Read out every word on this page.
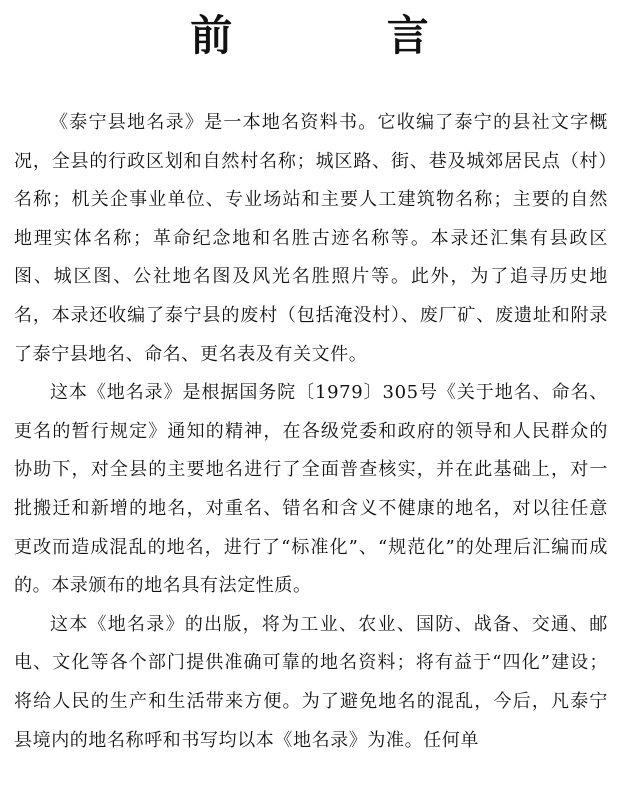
前 言

《泰宁县地名录》是一本地名资料书。它收编了泰宁的县社文字概况，全县的行政区划和自然村名称；城区路、街、巷及城郊居民点（村）名称；机关企事业单位、专业场站和主要人工建筑物名称；主要的自然地理实体名称；革命纪念地和名胜古迹名称等。本录还汇集有县政区图、城区图、公社地名图及风光名胜照片等。此外，为了追寻历史地名，本录还收编了泰宁县的废村（包括淹没村）、废厂矿、废遗址和附录了泰宁县地名、命名、更名表及有关文件。

这本《地名录》是根据国务院〔1979〕305号《关于地名、命名、更名的暂行规定》通知的精神，在各级党委和政府的领导和人民群众的协助下，对全县的主要地名进行了全面普查核实，并在此基础上，对一批搬迁和新增的地名，对重名、错名和含义不健康的地名，对以往任意更改而造成混乱的地名，进行了“标准化”、“规范化”的处理后汇编而成的。本录颁布的地名具有法定性质。

这本《地名录》的出版，将为工业、农业、国防、战备、交通、邮电、文化等各个部门提供准确可靠的地名资料；将有益于“四化”建设；将给人民的生产和生活带来方便。为了避免地名的混乱，今后，凡泰宁县境内的地名称呼和书写均以本《地名录》为准。任何单
